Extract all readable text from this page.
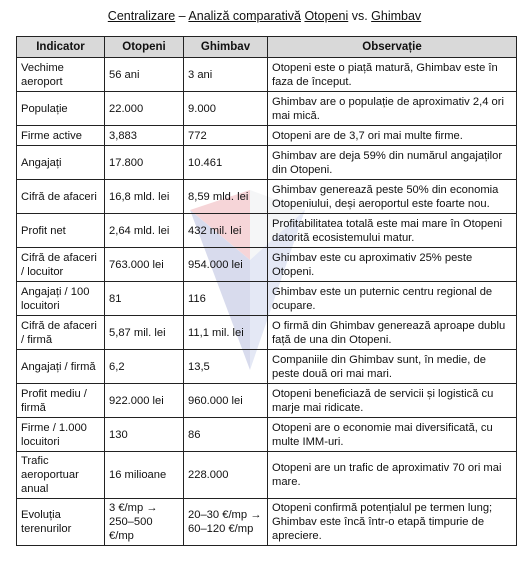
Centralizare – Analiză comparativă Otopeni vs. Ghimbav
Indicator	Otopeni	Ghimbav	Observație
Vechime aeroport	56 ani	3 ani	Otopeni este o piață matură, Ghimbav este în faza de început.
Populație	22.000	9.000	Ghimbav are o populație de aproximativ 2,4 ori mai mică.
Firme active	3,883	772	Otopeni are de 3,7 ori mai multe firme.
Angajați	17.800	10.461	Ghimbav are deja 59% din numărul angajaților din Otopeni.
Cifră de afaceri	16,8 mld. lei	8,59 mld. lei	Ghimbav generează peste 50% din economia Otopeniului, deși aeroportul este foarte nou.
Profit net	2,64 mld. lei	432 mil. lei	Profitabilitatea totală este mai mare în Otopeni datorită ecosistemului matur.
Cifră de afaceri / locuitor	763.000 lei	954.000 lei	Ghimbav este cu aproximativ 25% peste Otopeni.
Angajați / 100 locuitori	81	116	Ghimbav este un puternic centru regional de ocupare.
Cifră de afaceri / firmă	5,87 mil. lei	11,1 mil. lei	O firmă din Ghimbav generează aproape dublu față de una din Otopeni.
Angajați / firmă	6,2	13,5	Companiile din Ghimbav sunt, în medie, de peste două ori mai mari.
Profit mediu / firmă	922.000 lei	960.000 lei	Otopeni beneficiază de servicii și logistică cu marje mai ridicate.
Firme / 1.000 locuitori	130	86	Otopeni are o economie mai diversificată, cu multe IMM-uri.
Trafic aeroportuar anual	16 milioane	228.000	Otopeni are un trafic de aproximativ 70 ori mai mare.
Evoluția terenurilor	3 €/mp → 250–500 €/mp	20–30 €/mp → 60–120 €/mp	Otopeni confirmă potențialul pe termen lung; Ghimbav este încă într-o etapă timpurie de apreciere.
